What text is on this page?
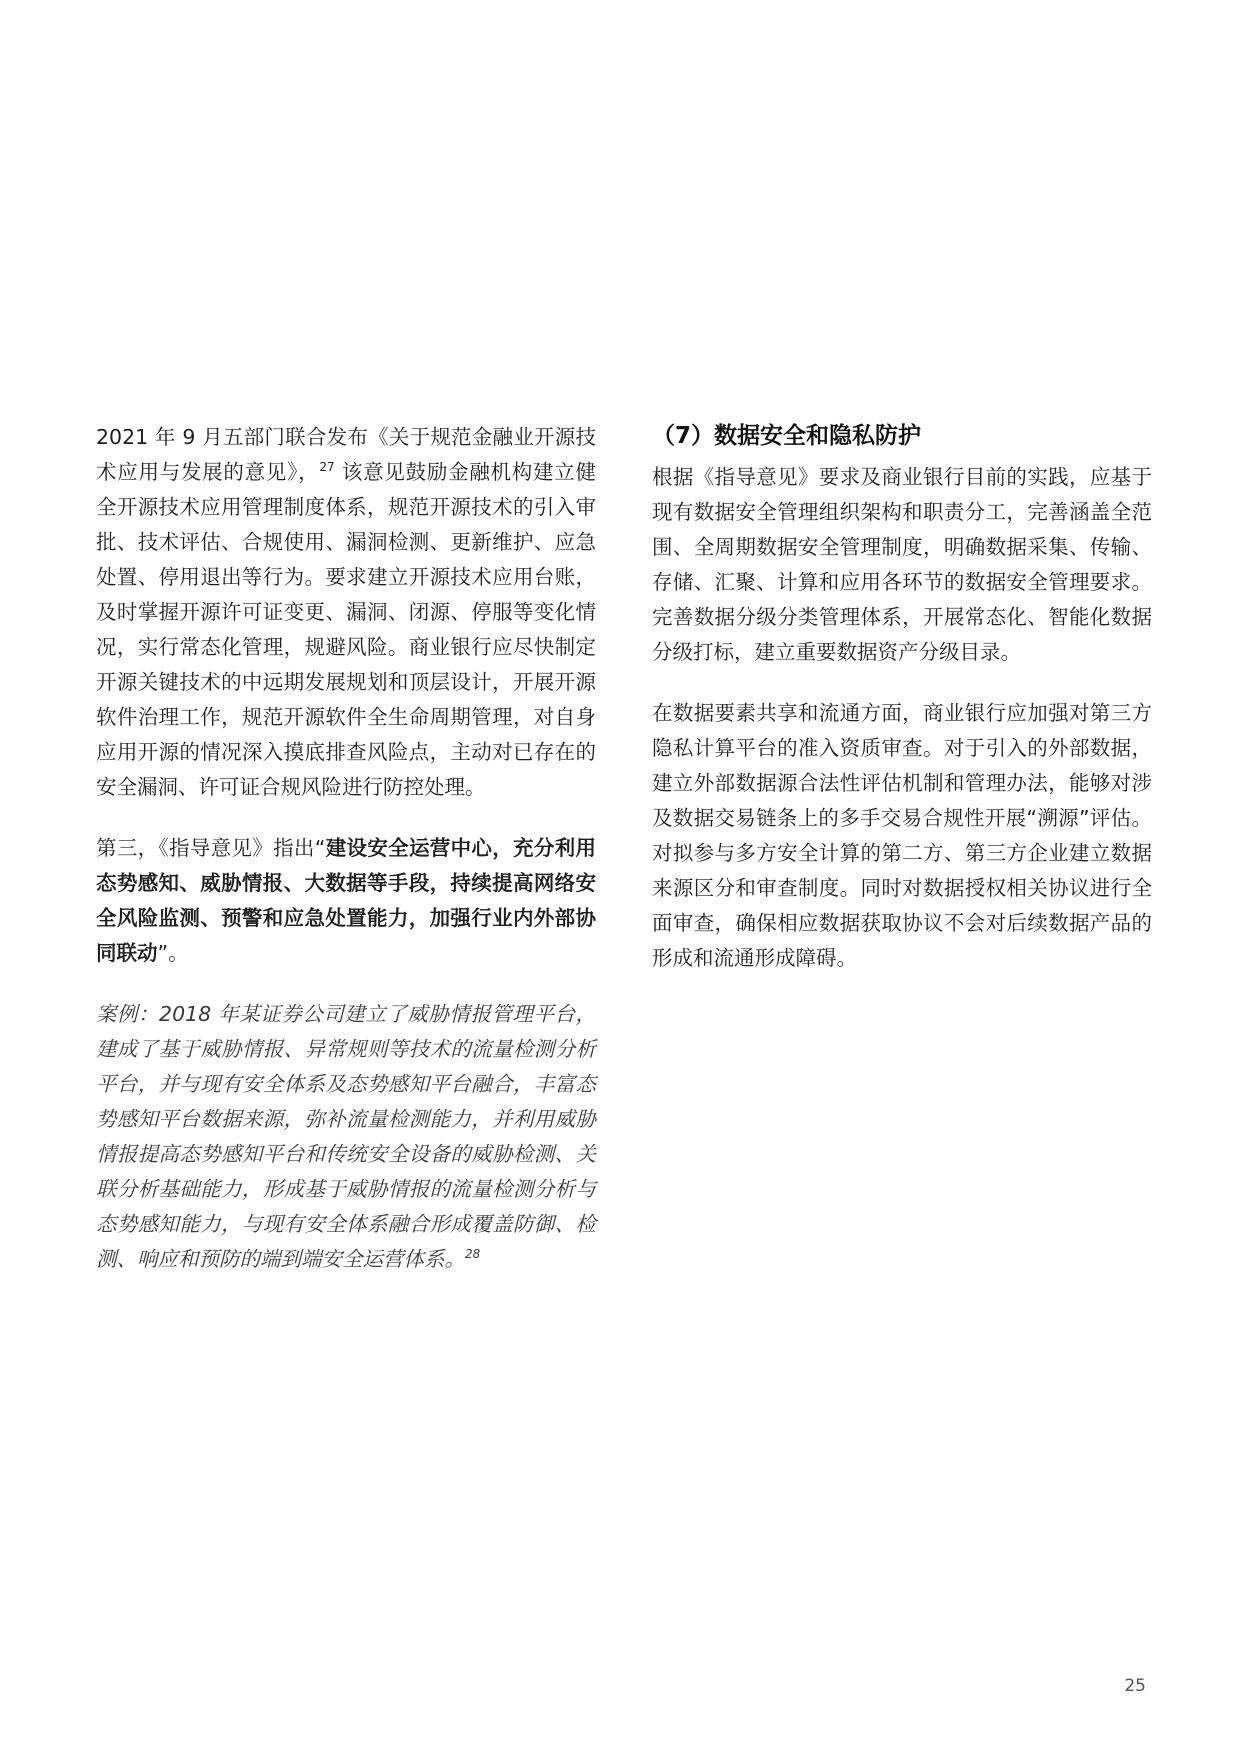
2021 年 9 月五部门联合发布《关于规范金融业开源技术应用与发展的意见》，$^{27}$ 该意见鼓励金融机构建立健全开源技术应用管理制度体系，规范开源技术的引入审批、技术评估、合规使用、漏洞检测、更新维护、应急处置、停用退出等行为。要求建立开源技术应用台账，及时掌握开源许可证变更、漏洞、闭源、停服等变化情况，实行常态化管理，规避风险。商业银行应尽快制定开源关键技术的中远期发展规划和顶层设计，开展开源软件治理工作，规范开源软件全生命周期管理，对自身应用开源的情况深入摸底排查风险点，主动对已存在的安全漏洞、许可证合规风险进行防控处理。

第三，《指导意见》指出“建设安全运营中心，充分利用态势感知、威胁情报、大数据等手段，持续提高网络安全风险监测、预警和应急处置能力，加强行业内外部协同联动”。

案例：2018 年某证券公司建立了威胁情报管理平台，建成了基于威胁情报、异常规则等技术的流量检测分析平台，并与现有安全体系及态势感知平台融合，丰富态势感知平台数据来源，弥补流量检测能力，并利用威胁情报提高态势感知平台和传统安全设备的威胁检测、关联分析基础能力，形成基于威胁情报的流量检测分析与态势感知能力，与现有安全体系融合形成覆盖防御、检测、响应和预防的端到端安全运营体系。$^{28}$

（7）数据安全和隐私防护

根据《指导意见》要求及商业银行目前的实践，应基于现有数据安全管理组织架构和职责分工，完善涵盖全范围、全周期数据安全管理制度，明确数据采集、传输、存储、汇聚、计算和应用各环节的数据安全管理要求。完善数据分级分类管理体系，开展常态化、智能化数据分级打标，建立重要数据资产分级目录。

在数据要素共享和流通方面，商业银行应加强对第三方隐私计算平台的准入资质审查。对于引入的外部数据，建立外部数据源合法性评估机制和管理办法，能够对涉及数据交易链条上的多手交易合规性开展“溯源”评估。对拟参与多方安全计算的第二方、第三方企业建立数据来源区分和审查制度。同时对数据授权相关协议进行全面审查，确保相应数据获取协议不会对后续数据产品的形成和流通形成障碍。

25
